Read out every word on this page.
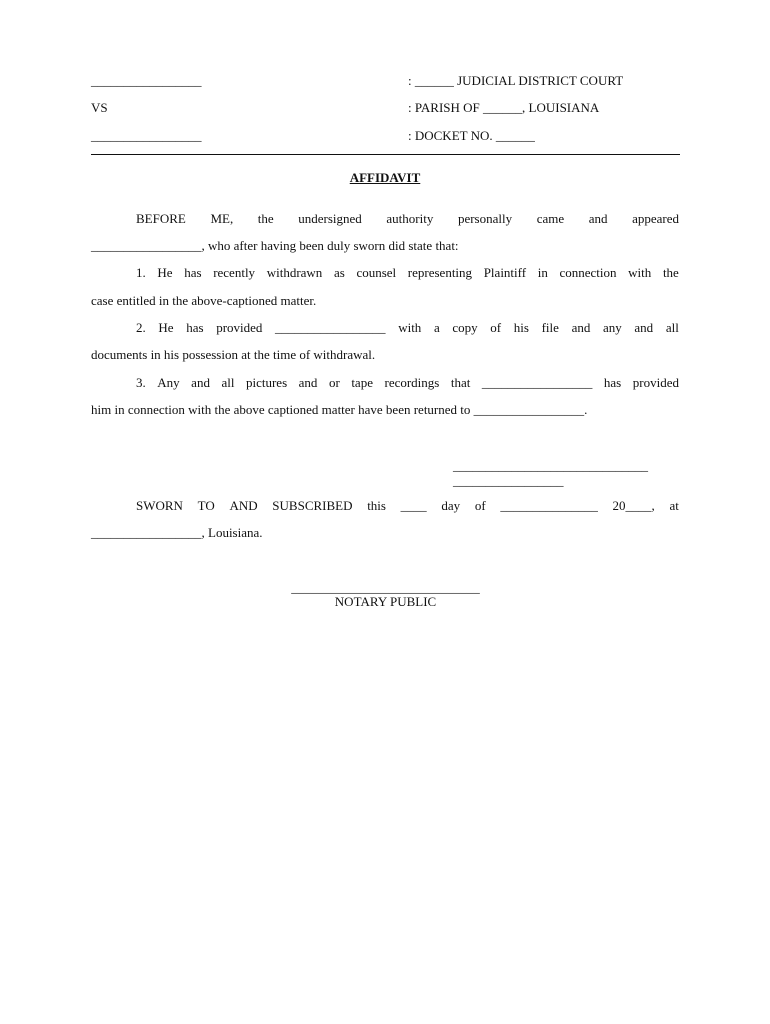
_________________
VS
_________________
: ______ JUDICIAL DISTRICT COURT
: PARISH OF ______, LOUISIANA
: DOCKET NO. ______
AFFIDAVIT
BEFORE ME, the undersigned authority personally came and appeared
_________________, who after having been duly sworn did state that:
1. He has recently withdrawn as counsel representing Plaintiff in connection with the
case entitled in the above-captioned matter.
2. He has provided _________________ with a copy of his file and any and all
documents in his possession at the time of withdrawal.
3. Any and all pictures and or tape recordings that _________________ has provided
him in connection with the above captioned matter have been returned to _________________.
______________________________
_________________
SWORN TO AND SUBSCRIBED this ____ day of _______________ 20____, at
_________________, Louisiana.
_____________________________
NOTARY PUBLIC
